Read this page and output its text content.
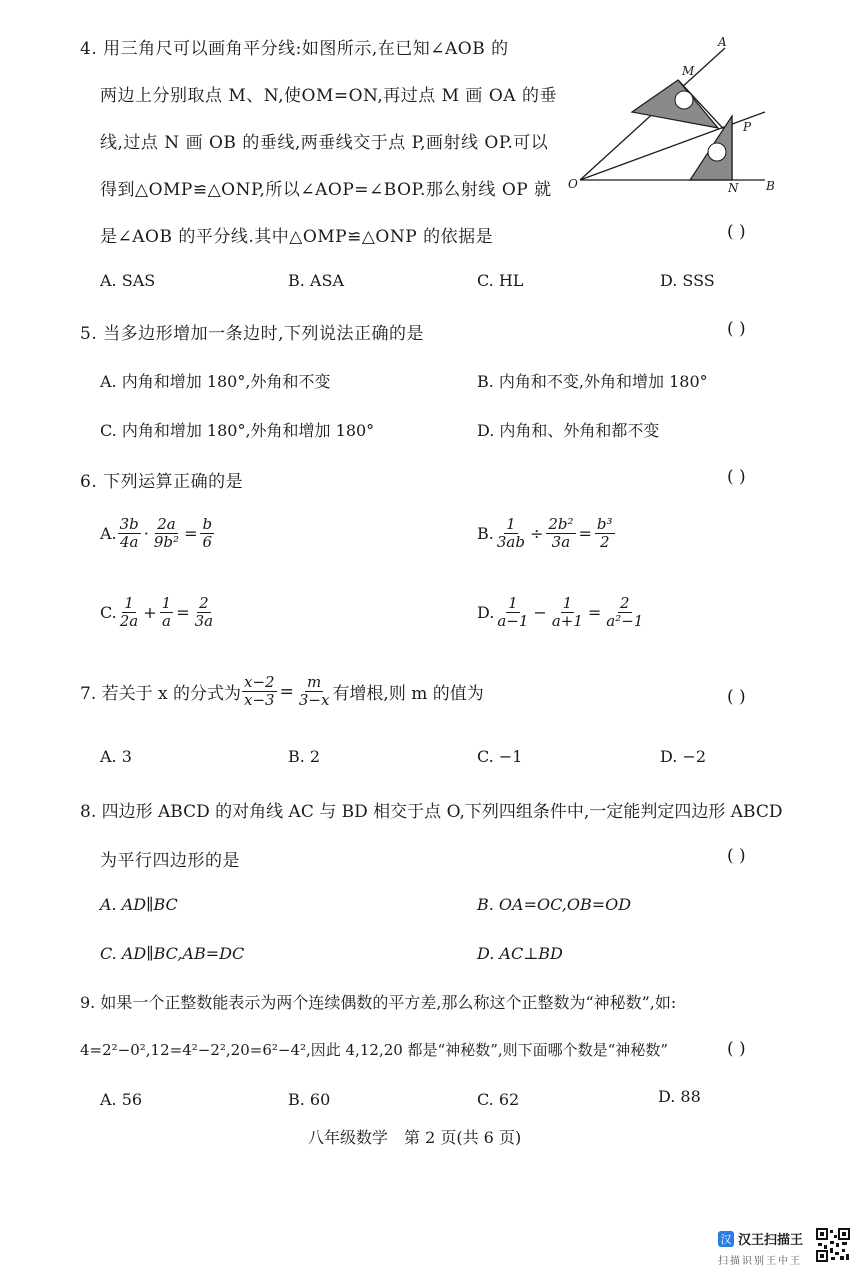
4. 用三角尺可以画角平分线:如图所示,在已知∠AOB 的
两边上分别取点 M、N,使OM=ON,再过点 M 画 OA 的垂
线,过点 N 画 OB 的垂线,两垂线交于点 P,画射线 OP.可以
得到△OMP≌△ONP,所以∠AOP=∠BOP.那么射线 OP 就
是∠AOB 的平分线.其中△OMP≌△ONP 的依据是	( )
A
M
P
O	N B
A. SAS	B. ASA	C. HL	D. SSS
5. 当多边形增加一条边时,下列说法正确的是	( )
A. 内角和增加 180°,外角和不变	B. 内角和不变,外角和增加 180°
C. 内角和增加 180°,外角和增加 180°	D. 内角和、外角和都不变
6. 下列运算正确的是	( )
A. $\frac{3b}{4a} \cdot \frac{2a}{\text{9b²}} = \frac{b}{6}$	B. $\frac{1}{3ab} \div \frac{\text{2b²}}{3a} = \frac{\text{b³}}{2}$
C. $\frac{1}{2a} + \frac{1}{a} = \frac{2}{3a}$	D. $\frac{1}{a-1} - \frac{1}{a+1} = \frac{2}{\text{a²−1}}$
7. 若关于 x 的分式为 $\frac{x-2}{x-3} = \frac{m}{3-x}$ 有增根,则 m 的值为	( )
A. 3	B. 2	C. −1	D. −2
8. 四边形 ABCD 的对角线 AC 与 BD 相交于点 O,下列四组条件中,一定能判定四边形 ABCD
为平行四边形的是	( )
A. AD∥BC	B. OA=OC,OB=OD
C. AD∥BC,AB=DC	D. AC⊥BD
9. 如果一个正整数能表示为两个连续偶数的平方差,那么称这个正整数为“神秘数”,如:
4=2²−0²,12=4²−2²,20=6²−4²,因此 4,12,20 都是“神秘数”,则下面哪个数是“神秘数”	( )
A. 56	B. 60	C. 62	D. 88
八年级数学　第 2 页(共 6 页)
汉 汉王扫描王
扫描识别王中王
